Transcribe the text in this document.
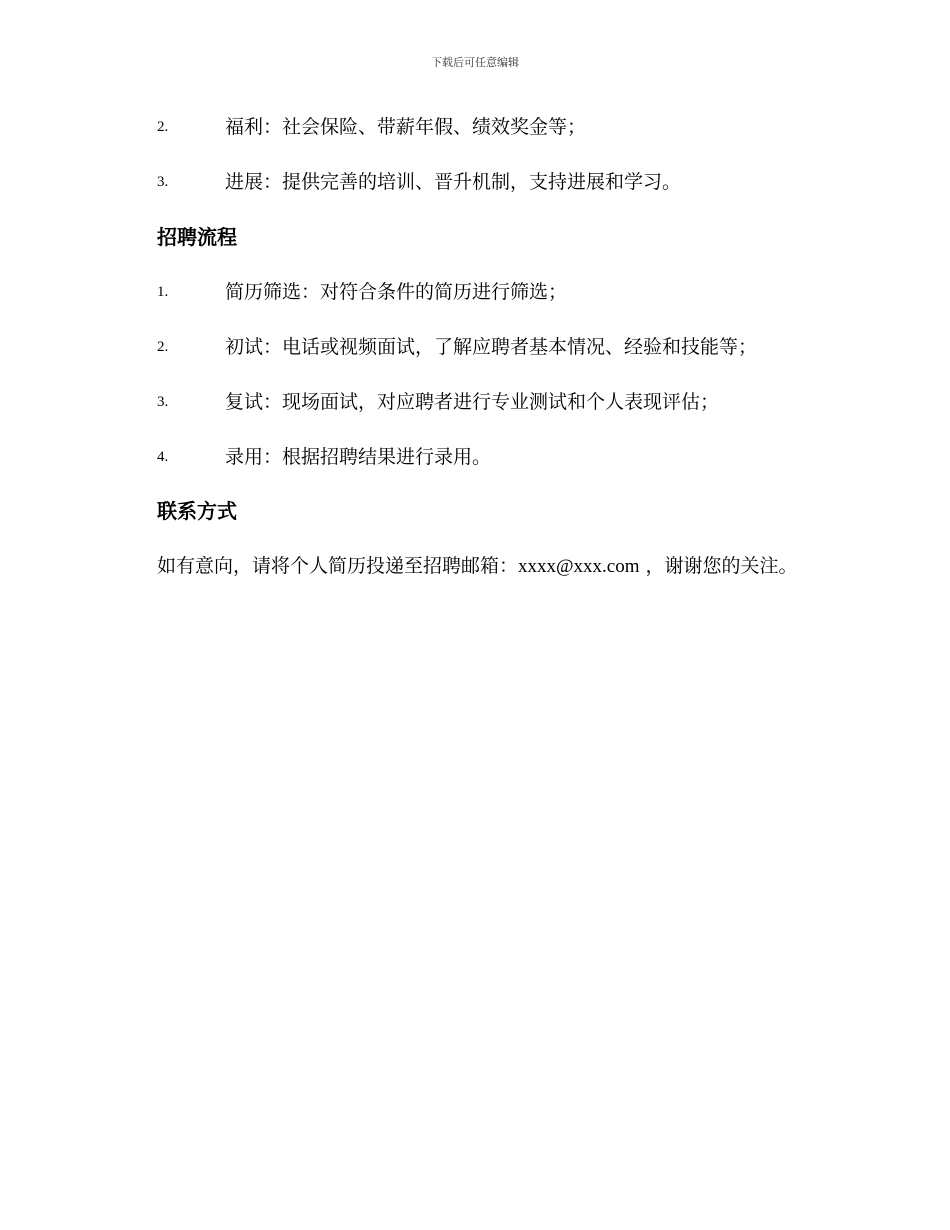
下载后可任意编辑
2.	福利：社会保险、带薪年假、绩效奖金等；
3.	进展：提供完善的培训、晋升机制，支持进展和学习。
招聘流程
1.	简历筛选：对符合条件的简历进行筛选；
2.	初试：电话或视频面试，了解应聘者基本情况、经验和技能等；
3.	复试：现场面试，对应聘者进行专业测试和个人表现评估；
4.	录用：根据招聘结果进行录用。
联系方式
如有意向，请将个人简历投递至招聘邮箱：xxxx@xxx.com ，谢谢您的关注。
